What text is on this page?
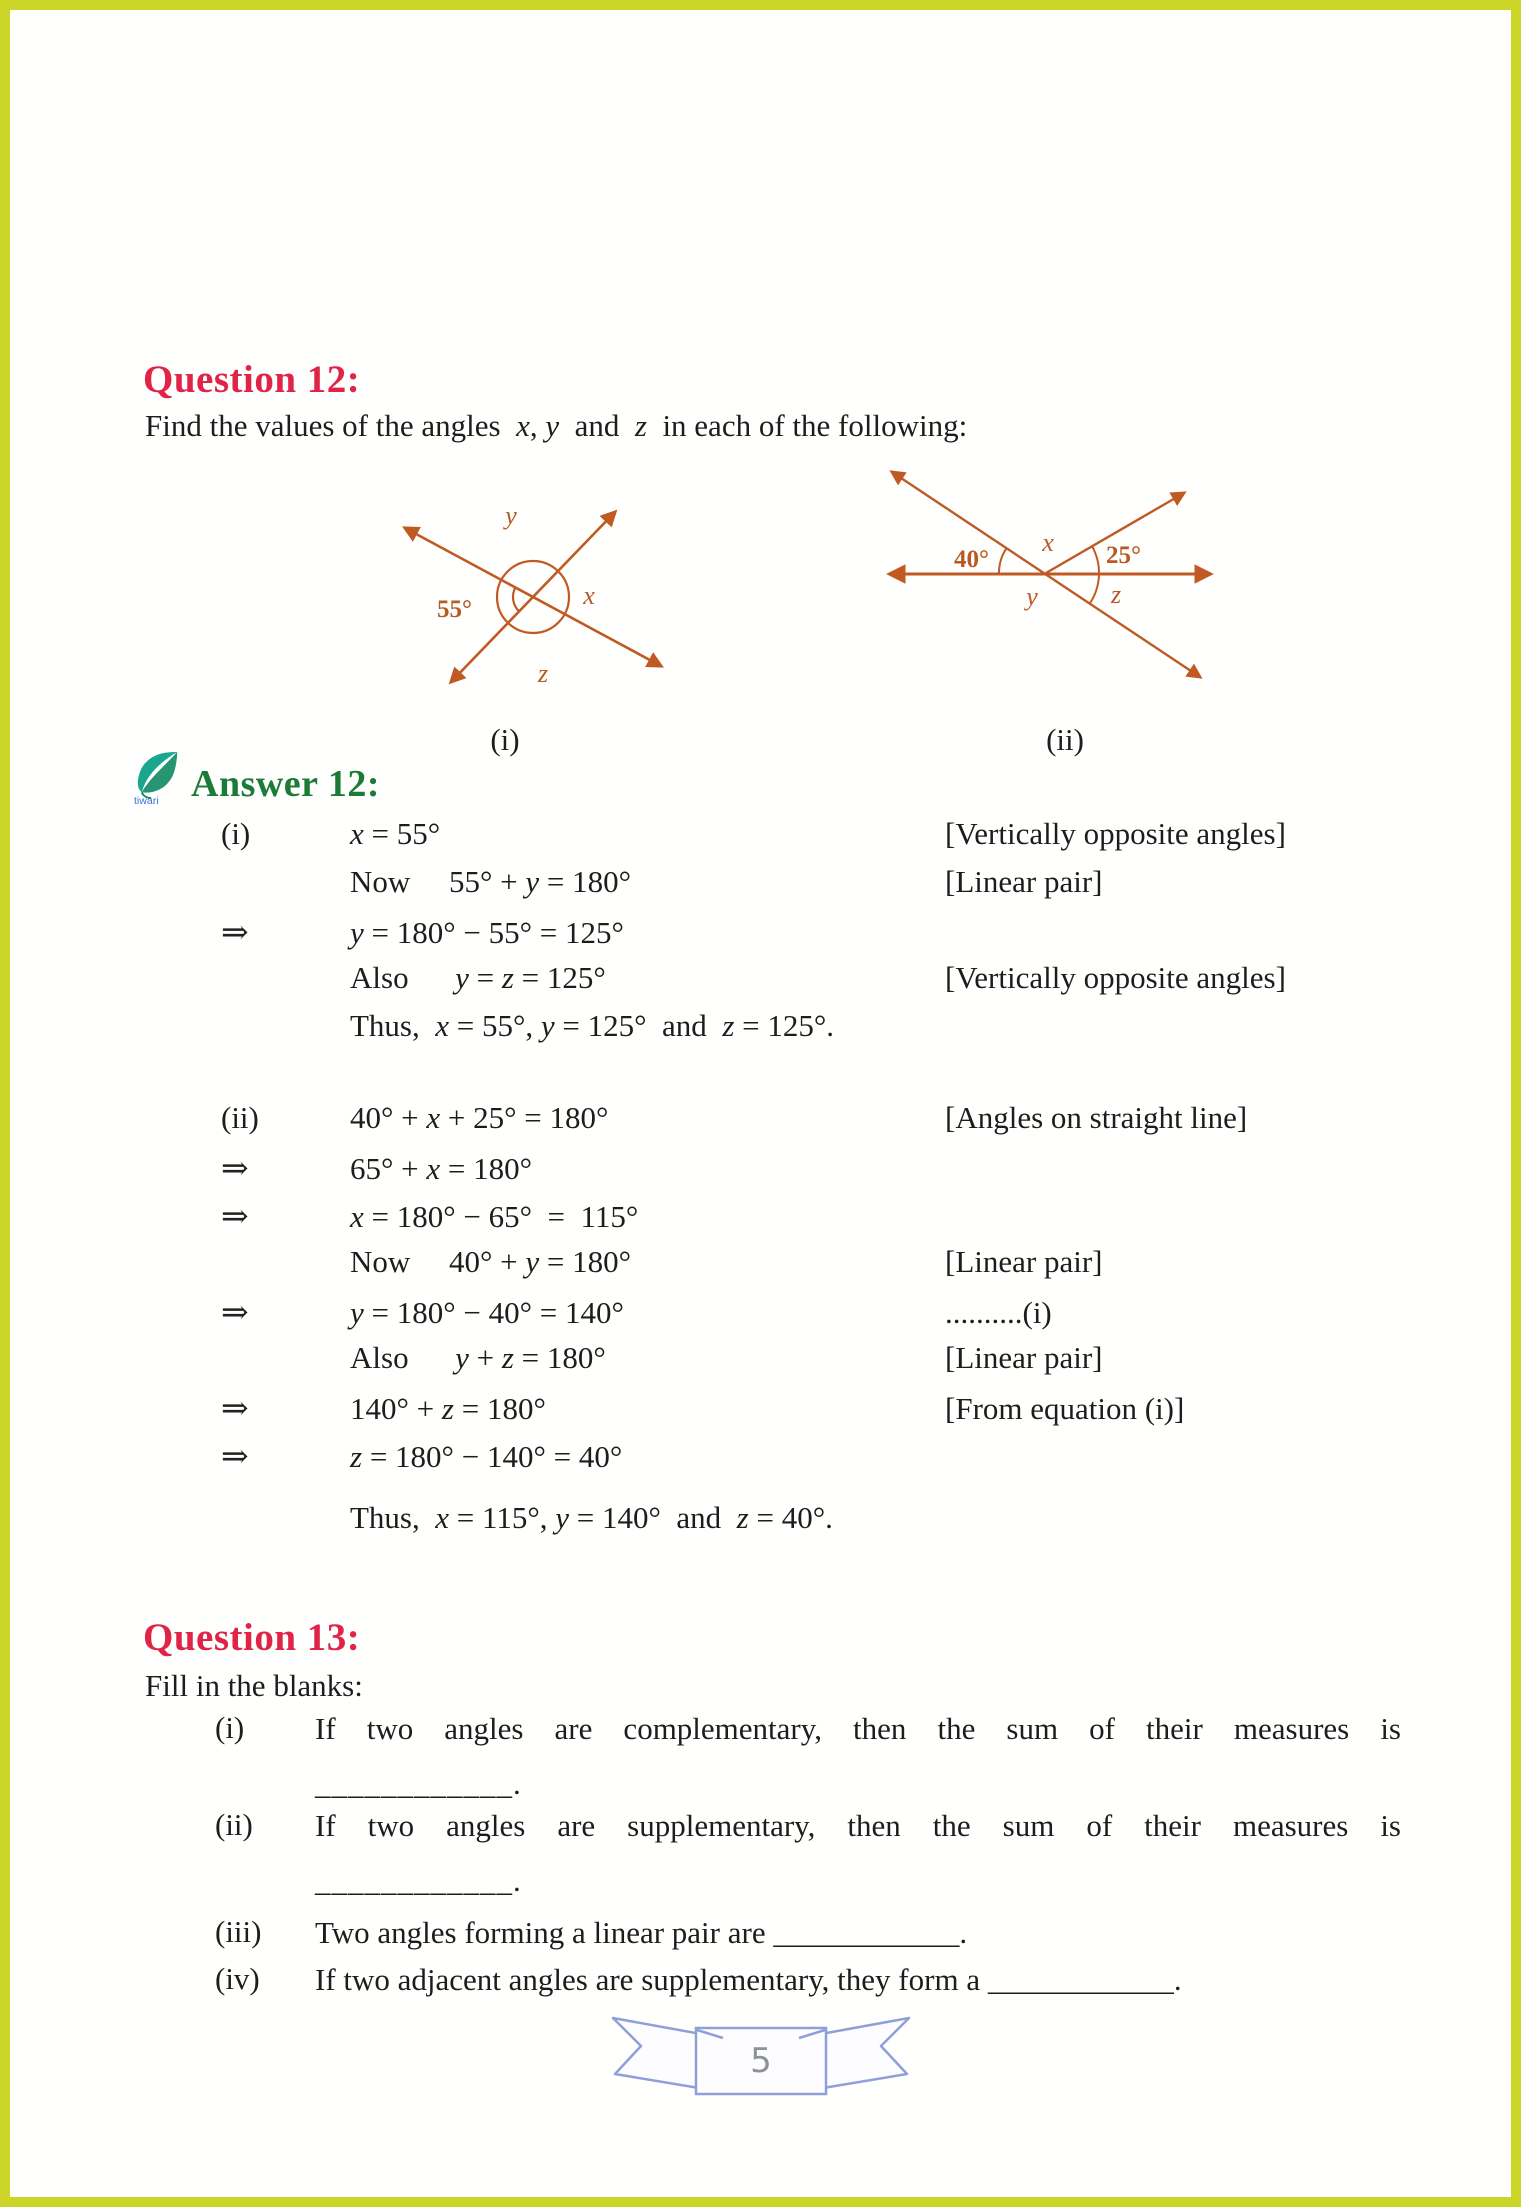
Question 12:

Find the values of the angles  x, y  and  z  in each of the following:

y
x
55°
z
(i)
40°
x 25°
y	z
(ii)
tiwari Answer 12:
(i)	x = 55°	[Vertically opposite angles]
Now     55° + y = 180°	[Linear pair]
⇒	y = 180° − 55° = 125°
Also      y = z = 125°	[Vertically opposite angles]
Thus,  x = 55°, y = 125°  and  z = 125°.
(ii)	40° + x + 25° = 180°	[Angles on straight line]
⇒	65° + x = 180°
⇒	x = 180° − 65°  =  115°
Now     40° + y = 180°	[Linear pair]
⇒	y = 180° − 40° = 140°	..........(i)
Also      y + z = 180°	[Linear pair]
⇒	140° + z = 180°	[From equation (i)]
⇒	z = 180° − 140° = 40°
Thus,  x = 115°, y = 140°  and  z = 40°.
Question 13:

Fill in the blanks:

(i)	If two angles are complementary, then the sum of their measures is
____________.
(ii)	If two angles are supplementary, then the sum of their measures is
____________.
(iii)	Two angles forming a linear pair are ____________.
(iv)	If two adjacent angles are supplementary, they form a ____________.
5
